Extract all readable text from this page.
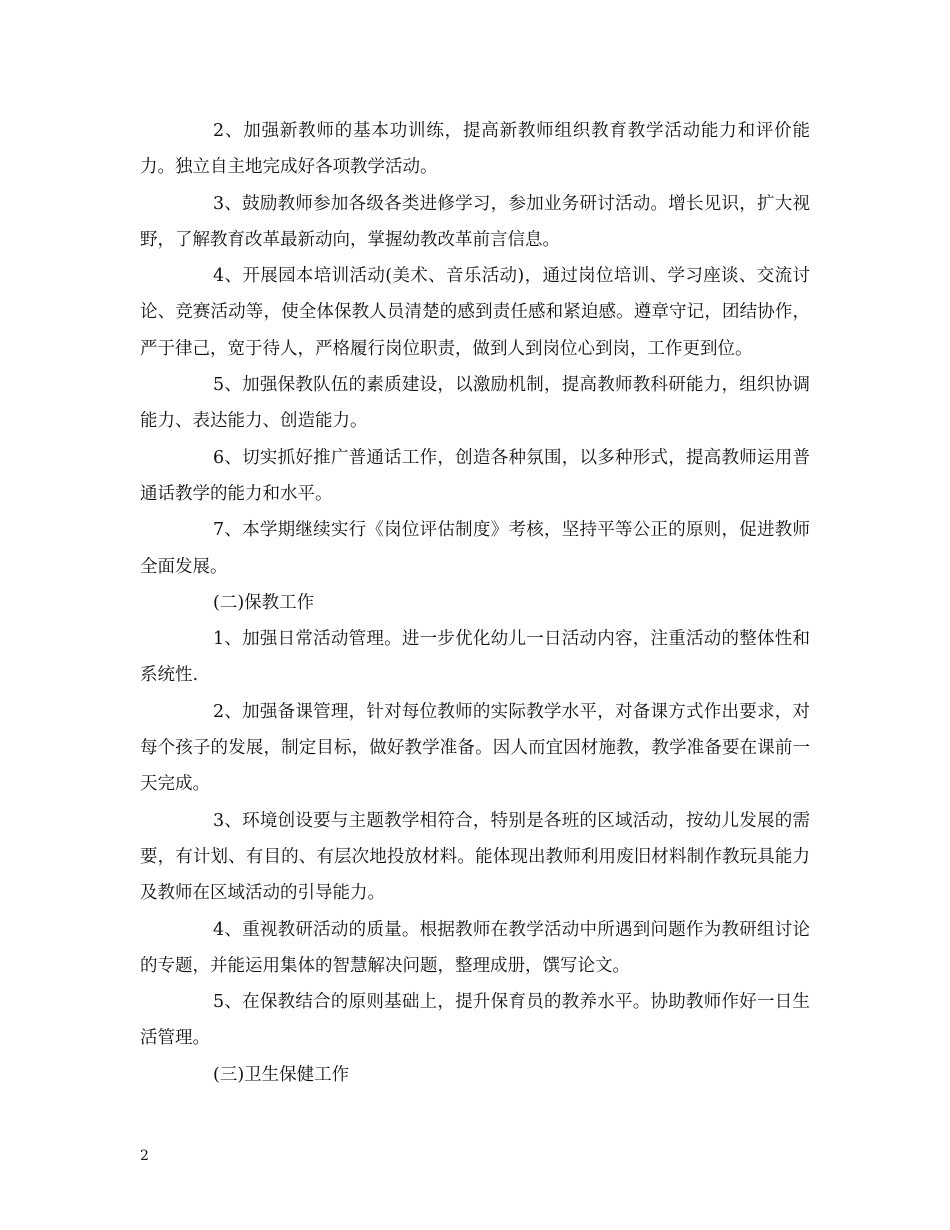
2、加强新教师的基本功训练，提高新教师组织教育教学活动能力和评价能力。独立自主地完成好各项教学活动。

3、鼓励教师参加各级各类进修学习，参加业务研讨活动。增长见识，扩大视野，了解教育改革最新动向，掌握幼教改革前言信息。

4、开展园本培训活动(美术、音乐活动)，通过岗位培训、学习座谈、交流讨论、竞赛活动等，使全体保教人员清楚的感到责任感和紧迫感。遵章守记，团结协作，严于律己，宽于待人，严格履行岗位职责，做到人到岗位心到岗，工作更到位。

5、加强保教队伍的素质建设，以激励机制，提高教师教科研能力，组织协调能力、表达能力、创造能力。

6、切实抓好推广普通话工作，创造各种氛围，以多种形式，提高教师运用普通话教学的能力和水平。

7、本学期继续实行《岗位评估制度》考核，坚持平等公正的原则，促进教师全面发展。

(二)保教工作

1、加强日常活动管理。进一步优化幼儿一日活动内容，注重活动的整体性和系统性.

2、加强备课管理，针对每位教师的实际教学水平，对备课方式作出要求，对每个孩子的发展，制定目标，做好教学准备。因人而宜因材施教，教学准备要在课前一天完成。

3、环境创设要与主题教学相符合，特别是各班的区域活动，按幼儿发展的需要，有计划、有目的、有层次地投放材料。能体现出教师利用废旧材料制作教玩具能力及教师在区域活动的引导能力。

4、重视教研活动的质量。根据教师在教学活动中所遇到问题作为教研组讨论的专题，并能运用集体的智慧解决问题，整理成册，馔写论文。

5、在保教结合的原则基础上，提升保育员的教养水平。协助教师作好一日生活管理。

(三)卫生保健工作

2
